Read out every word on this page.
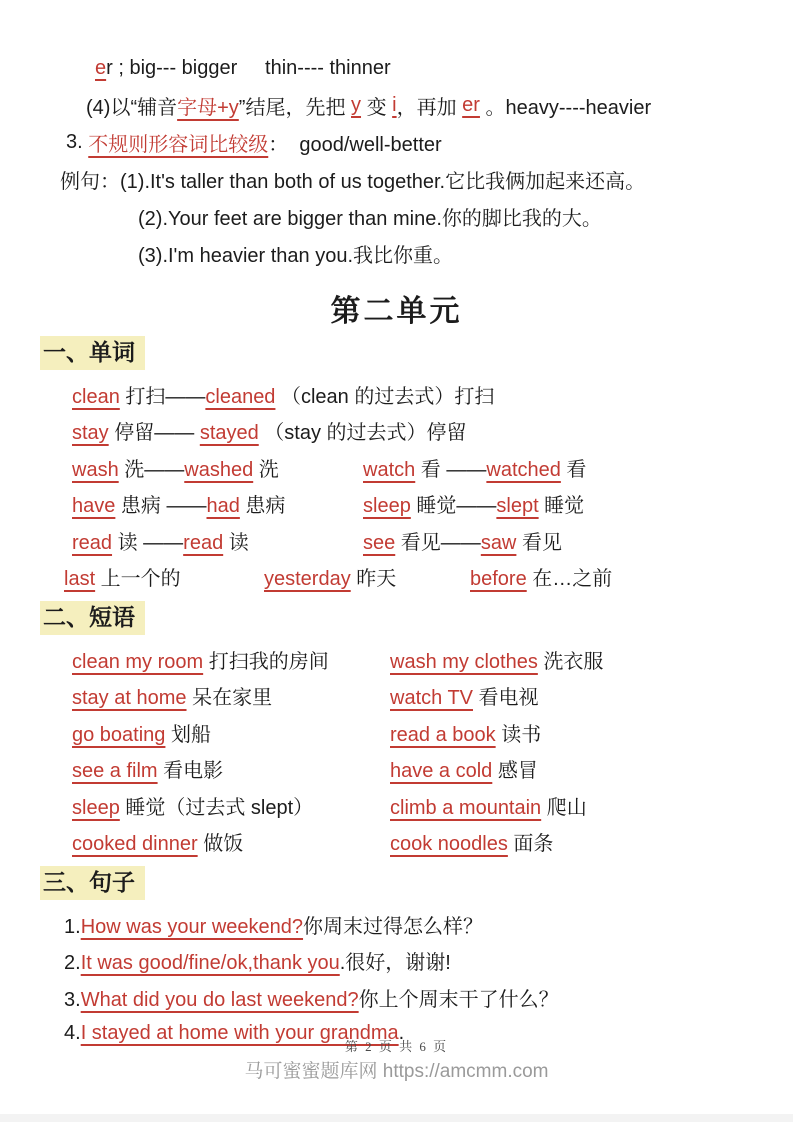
e r ; big--- bigger     thin---- thinner
(4)以“辅音 字母+y ”结尾，先把 y 变 i ，再加 er 。heavy----heavier
3. 不规则形容词比较级 ：  good/well-better
例句：(1).It's taller than both of us together.它比我俩加起来还高。
(2).Your feet are bigger than mine.你的脚比我的大。
(3).I'm heavier than you.我比你重。
第二单元
一、单词
clean 打扫——cleaned （clean 的过去式）打扫
stay 停留—— stayed （stay 的过去式）停留
wash 洗——washed 洗	watch 看 ——watched 看
have 患病 ——had 患病	sleep 睡觉——slept 睡觉
read 读 ——read 读	see 看见——saw 看见
last 上一个的	yesterday 昨天	before 在…之前
二、短语
clean my room 打扫我的房间	wash my clothes 洗衣服
stay at home 呆在家里	watch TV 看电视
go boating 划船	read a book 读书
see a film 看电影	have a cold 感冒
sleep 睡觉（过去式 slept）	climb a mountain 爬山
cooked dinner 做饭	cook noodles 面条
三、句子
1.How was your weekend?你周末过得怎么样？
2.It was good/fine/ok,thank you.很好，谢谢!
3.What did you do last weekend?你上个周末干了什么？
4.I stayed at home with your grandma.
第 2 页 共 6 页
马可蜜蜜题库网 https://amcmm.com
